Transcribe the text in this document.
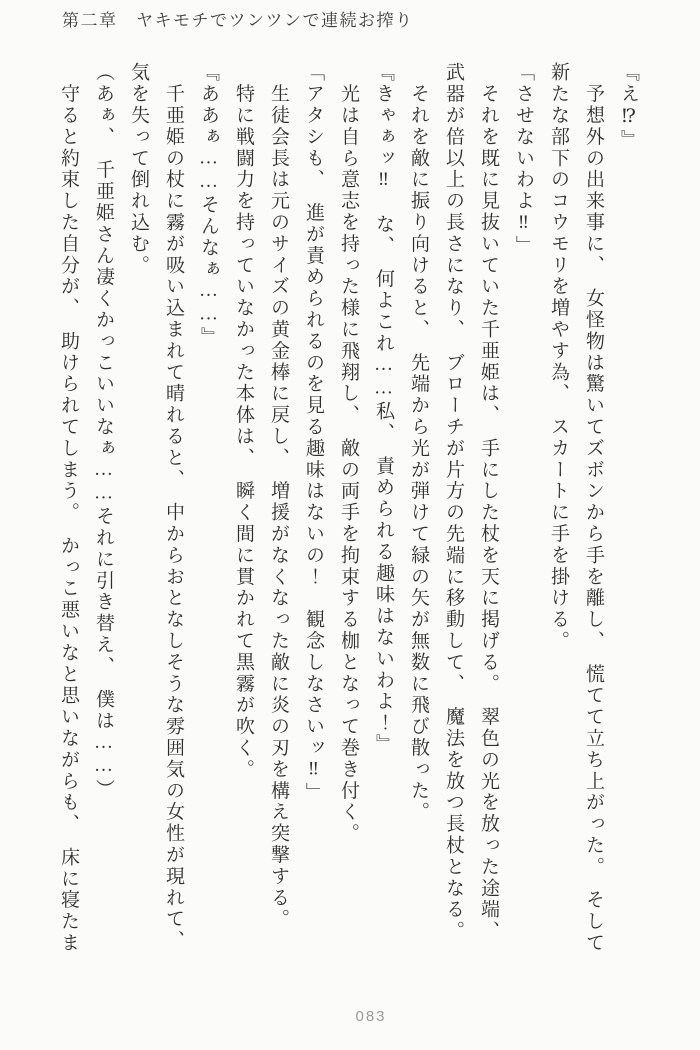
第二章　ヤキモチでツンツンで連続お搾り
『え⁉』
　予想外の出来事に、　女怪物は驚いてズボンから手を離し、　慌てて立ち上がった。　そして
新たな部下のコウモリを増やす為、　スカートに手を掛ける。
「させないわよ‼」
　それを既に見抜いていた千亜姫は、　手にした杖を天に掲げる。　翠色の光を放った途端、
武器が倍以上の長さになり、　ブローチが片方の先端に移動して、　魔法を放つ長杖となる。
　それを敵に振り向けると、　先端から光が弾けて緑の矢が無数に飛び散った。
『きゃぁッ‼　な、　何よこれ……私、　責められる趣味はないわよ！』
　光は自ら意志を持った様に飛翔し、　敵の両手を拘束する枷となって巻き付く。
「アタシも、　進が責められるのを見る趣味はないの！　観念しなさいッ‼」
　生徒会長は元のサイズの黄金棒に戻し、　増援がなくなった敵に炎の刃を構え突撃する。
　特に戦闘力を持っていなかった本体は、　瞬く間に貫かれて黒霧が吹く。
『ああぁ……そんなぁ……』
　千亜姫の杖に霧が吸い込まれて晴れると、　中からおとなしそうな雰囲気の女性が現れて、
気を失って倒れ込む。
（あぁ、　千亜姫さん凄くかっこいいなぁ……それに引き替え、　僕は……）
　守ると約束した自分が、　助けられてしまう。　かっこ悪いなと思いながらも、　床に寝たま
083
